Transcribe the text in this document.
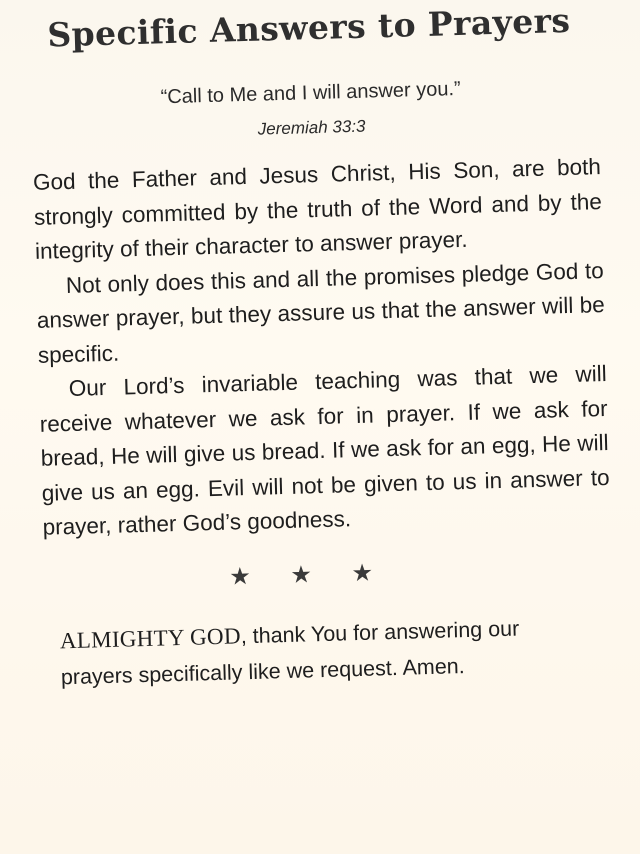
Specific Answers to Prayers
“Call to Me and I will answer you.”
Jeremiah 33:3

God the Father and Jesus Christ, His Son, are both strongly committed by the truth of the Word and by the integrity of their character to answer prayer.

Not only does this and all the promises pledge God to answer prayer, but they assure us that the answer will be specific.

Our Lord’s invariable teaching was that we will receive whatever we ask for in prayer. If we ask for bread, He will give us bread. If we ask for an egg, He will give us an egg. Evil will not be given to us in answer to prayer, rather God’s goodness.

★ ★ ★
ALMIGHTY GOD, thank You for answering our prayers specifically like we request. Amen.
